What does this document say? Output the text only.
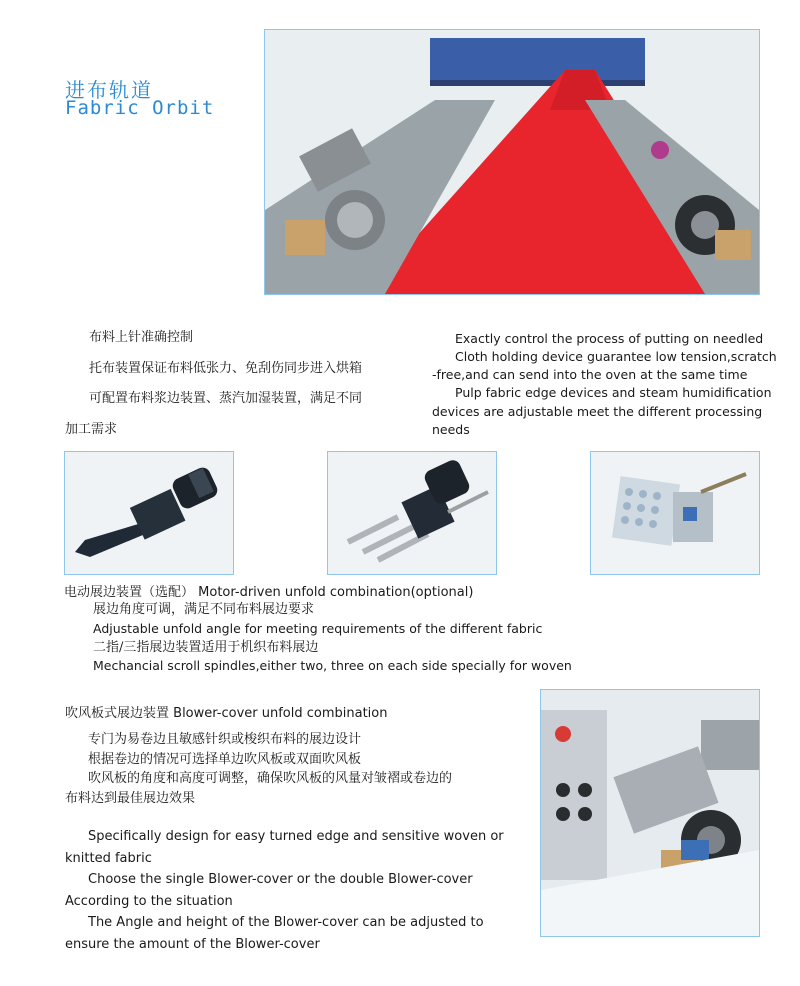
进布轨道
Fabric Orbit
布料上针准确控制
托布装置保证布料低张力、免刮伤同步进入烘箱
可配置布料浆边装置、蒸汽加湿装置，满足不同
加工需求
Exactly control the process of putting on needled
Cloth holding device guarantee low tension,scratch
-free,and can send into the oven at the same time
Pulp fabric edge devices and steam humidification
devices are adjustable meet the different processing
needs
电动展边装置（选配） Motor-driven unfold combination(optional)
展边角度可调，满足不同布料展边要求
Adjustable unfold angle for meeting requirements of the different fabric
二指/三指展边装置适用于机织布料展边
Mechancial scroll spindles,either two, three on each side specially for woven
吹风板式展边装置 Blower-cover unfold combination
专门为易卷边且敏感针织或梭织布料的展边设计
根据卷边的情况可选择单边吹风板或双面吹风板
吹风板的角度和高度可调整，确保吹风板的风量对皱褶或卷边的
布料达到最佳展边效果
Specifically design for easy turned edge and sensitive woven or
knitted fabric
Choose the single Blower-cover or the double Blower-cover
According to the situation
The Angle and height of the Blower-cover can be adjusted to
ensure the amount of the Blower-cover
